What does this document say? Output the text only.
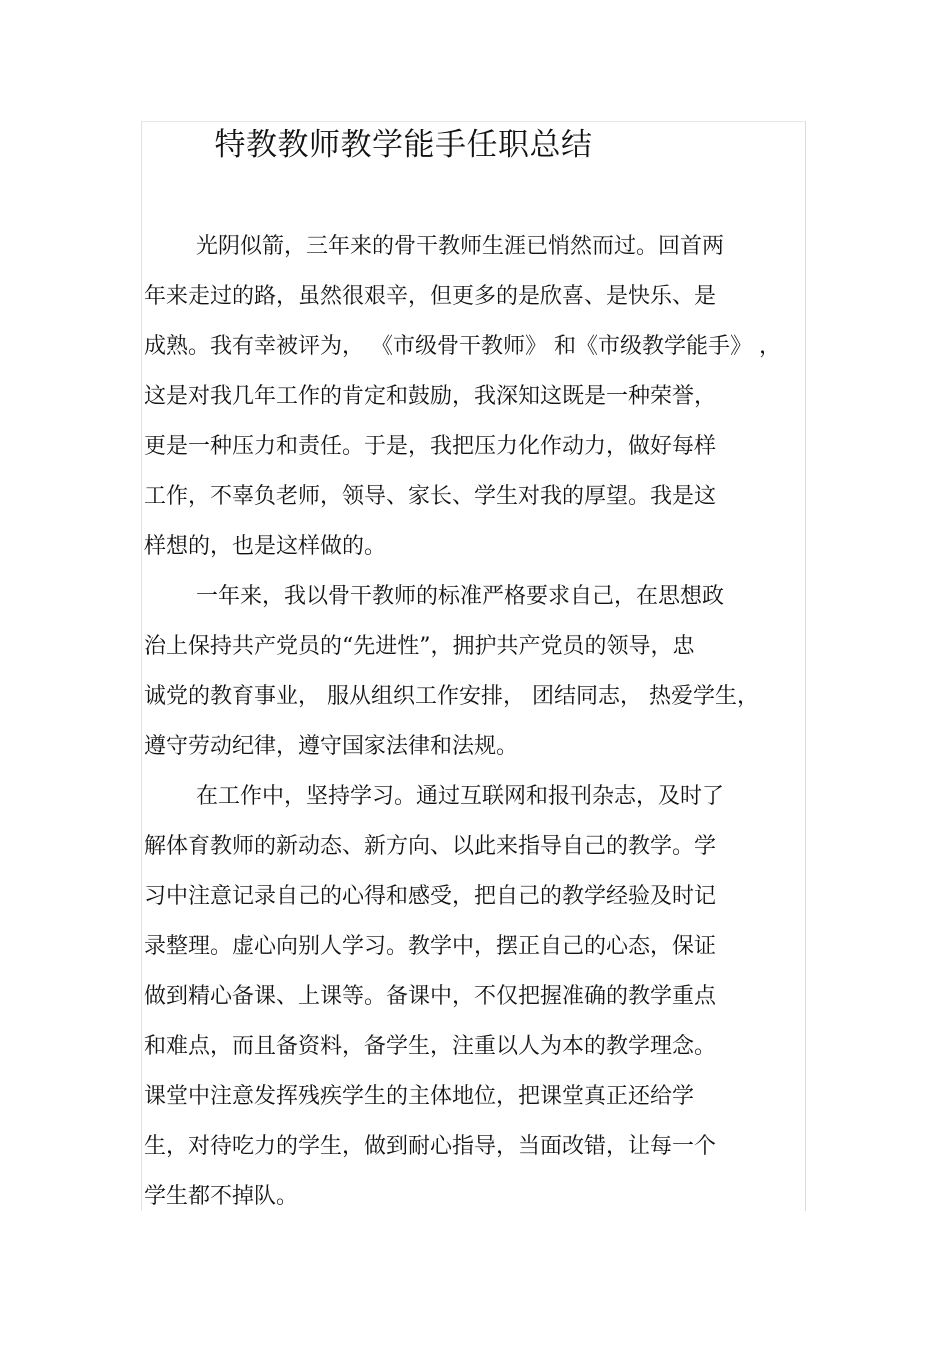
特教教师教学能手任职总结
光阴似箭，三年来的骨干教师生涯已悄然而过。回首两
年来走过的路，虽然很艰辛，但更多的是欣喜、是快乐、是
成熟。我有幸被评为， 《市级骨干教师》 和《市级教学能手》 ，
这是对我几年工作的肯定和鼓励，我深知这既是一种荣誉，
更是一种压力和责任。于是，我把压力化作动力，做好每样
工作，不辜负老师，领导、家长、学生对我的厚望。我是这
样想的，也是这样做的。
一年来，我以骨干教师的标准严格要求自己，在思想政
治上保持共产党员的“先进性”，拥护共产党员的领导，忠
诚党的教育事业， 服从组织工作安排， 团结同志， 热爱学生，
遵守劳动纪律，遵守国家法律和法规。
在工作中，坚持学习。通过互联网和报刊杂志，及时了
解体育教师的新动态、新方向、以此来指导自己的教学。学
习中注意记录自己的心得和感受，把自己的教学经验及时记
录整理。虚心向别人学习。教学中，摆正自己的心态，保证
做到精心备课、上课等。备课中，不仅把握准确的教学重点
和难点，而且备资料，备学生，注重以人为本的教学理念。
课堂中注意发挥残疾学生的主体地位，把课堂真正还给学
生，对待吃力的学生，做到耐心指导，当面改错，让每一个
学生都不掉队。
